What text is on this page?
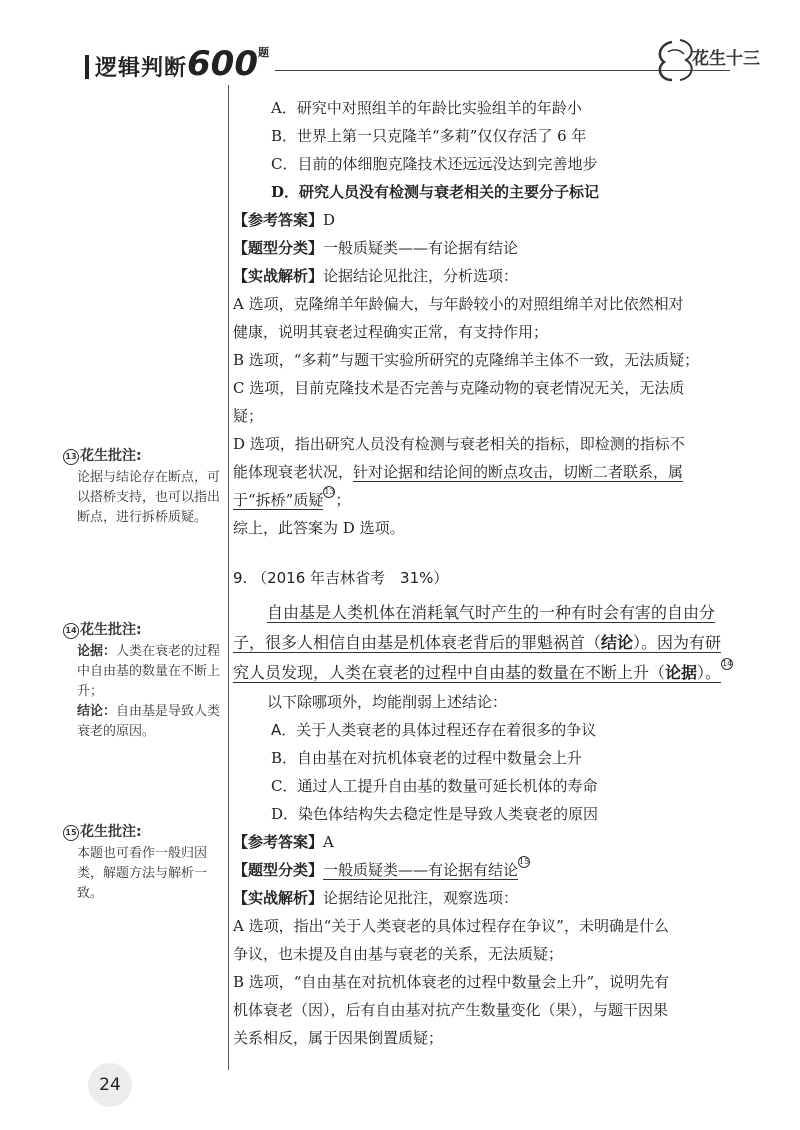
逻辑判断$600^题$	花生十三
13 花生批注:

论据与结论存在断点，可以搭桥支持，也可以指出断点，进行拆桥质疑。

14 花生批注:

论据：人类在衰老的过程中自由基的数量在不断上升；

结论：自由基是导致人类衰老的原因。

15 花生批注:

本题也可看作一般归因类，解题方法与解析一致。

A．研究中对照组羊的年龄比实验组羊的年龄小
B．世界上第一只克隆羊“多莉”仅仅存活了 6 年
C．目前的体细胞克隆技术还远远没达到完善地步
D．研究人员没有检测与衰老相关的主要分子标记
【参考答案】D
【题型分类】一般质疑类——有论据有结论
【实战解析】论据结论见批注，分析选项：
A 选项，克隆绵羊年龄偏大，与年龄较小的对照组绵羊对比依然相对
健康，说明其衰老过程确实正常，有支持作用；
B 选项，“多莉”与题干实验所研究的克隆绵羊主体不一致，无法质疑；
C 选项，目前克隆技术是否完善与克隆动物的衰老情况无关，无法质
疑；
D 选项，指出研究人员没有检测与衰老相关的指标，即检测的指标不
能体现衰老状况，针对论据和结论间的断点攻击，切断二者联系，属
于“拆桥”质疑13；
综上，此答案为 D 选项。
9. （2016 年吉林省考　31%）
自由基是人类机体在消耗氧气时产生的一种有时会有害的自由分
子，很多人相信自由基是机体衰老背后的罪魁祸首（结论）。因为有研
究人员发现，人类在衰老的过程中自由基的数量在不断上升（论据）。14
以下除哪项外，均能削弱上述结论：
A．关于人类衰老的具体过程还存在着很多的争议
B．自由基在对抗机体衰老的过程中数量会上升
C．通过人工提升自由基的数量可延长机体的寿命
D．染色体结构失去稳定性是导致人类衰老的原因
【参考答案】A
【题型分类】一般质疑类——有论据有结论15
【实战解析】论据结论见批注，观察选项：
A 选项，指出“关于人类衰老的具体过程存在争议”，未明确是什么
争议，也未提及自由基与衰老的关系，无法质疑；
B 选项，“自由基在对抗机体衰老的过程中数量会上升”，说明先有
机体衰老（因），后有自由基对抗产生数量变化（果），与题干因果
关系相反，属于因果倒置质疑；
24
